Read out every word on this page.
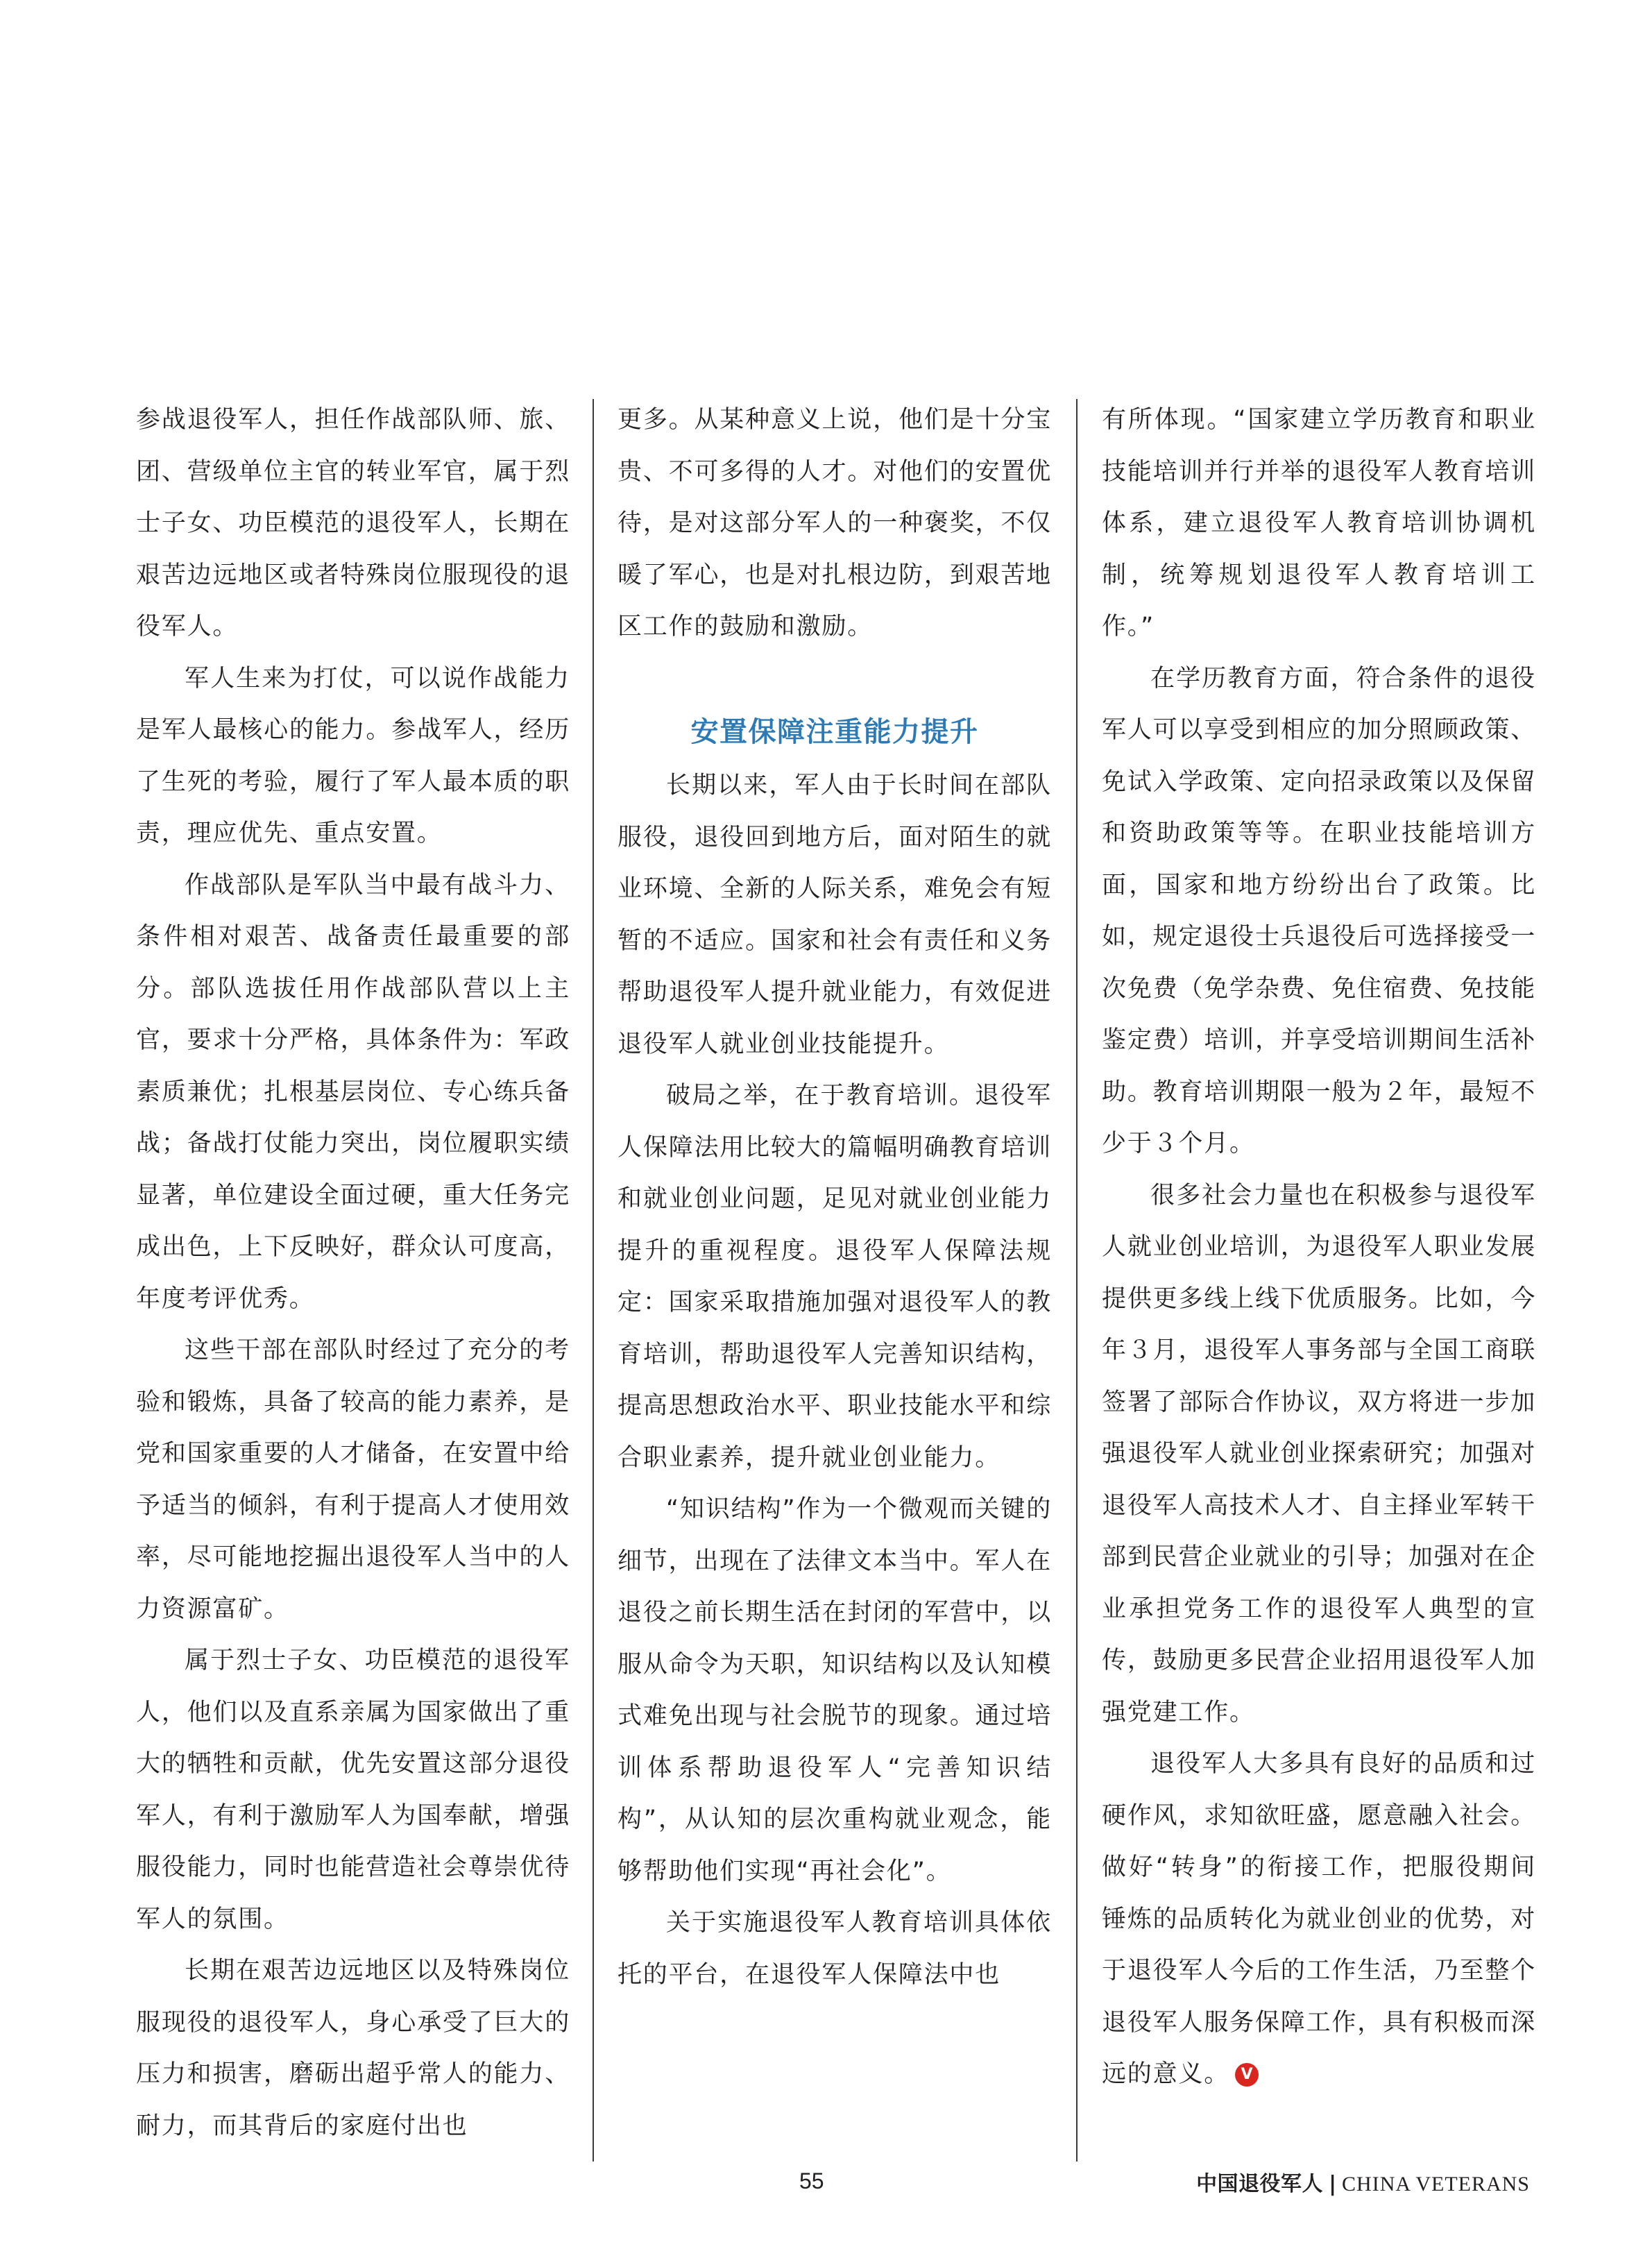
参战退役军人，担任作战部队师、旅、团、营级单位主官的转业军官，属于烈士子女、功臣模范的退役军人，长期在艰苦边远地区或者特殊岗位服现役的退役军人。

军人生来为打仗，可以说作战能力是军人最核心的能力。参战军人，经历了生死的考验，履行了军人最本质的职责，理应优先、重点安置。

作战部队是军队当中最有战斗力、条件相对艰苦、战备责任最重要的部分。部队选拔任用作战部队营以上主官，要求十分严格，具体条件为：军政素质兼优；扎根基层岗位、专心练兵备战；备战打仗能力突出，岗位履职实绩显著，单位建设全面过硬，重大任务完成出色，上下反映好，群众认可度高，年度考评优秀。

这些干部在部队时经过了充分的考验和锻炼，具备了较高的能力素养，是党和国家重要的人才储备，在安置中给予适当的倾斜，有利于提高人才使用效率，尽可能地挖掘出退役军人当中的人力资源富矿。

属于烈士子女、功臣模范的退役军人，他们以及直系亲属为国家做出了重大的牺牲和贡献，优先安置这部分退役军人，有利于激励军人为国奉献，增强服役能力，同时也能营造社会尊崇优待军人的氛围。

长期在艰苦边远地区以及特殊岗位服现役的退役军人，身心承受了巨大的压力和损害，磨砺出超乎常人的能力、耐力，而其背后的家庭付出也

更多。从某种意义上说，他们是十分宝贵、不可多得的人才。对他们的安置优待，是对这部分军人的一种褒奖，不仅暖了军心，也是对扎根边防，到艰苦地区工作的鼓励和激励。

安置保障注重能力提升

长期以来，军人由于长时间在部队服役，退役回到地方后，面对陌生的就业环境、全新的人际关系，难免会有短暂的不适应。国家和社会有责任和义务帮助退役军人提升就业能力，有效促进退役军人就业创业技能提升。

破局之举，在于教育培训。退役军人保障法用比较大的篇幅明确教育培训和就业创业问题，足见对就业创业能力提升的重视程度。退役军人保障法规定：国家采取措施加强对退役军人的教育培训，帮助退役军人完善知识结构，提高思想政治水平、职业技能水平和综合职业素养，提升就业创业能力。

“知识结构”作为一个微观而关键的细节，出现在了法律文本当中。军人在退役之前长期生活在封闭的军营中，以服从命令为天职，知识结构以及认知模式难免出现与社会脱节的现象。通过培训体系帮助退役军人“完善知识结构”，从认知的层次重构就业观念，能够帮助他们实现“再社会化”。

关于实施退役军人教育培训具体依托的平台，在退役军人保障法中也

有所体现。“国家建立学历教育和职业技能培训并行并举的退役军人教育培训体系，建立退役军人教育培训协调机制，统筹规划退役军人教育培训工作。”

在学历教育方面，符合条件的退役军人可以享受到相应的加分照顾政策、免试入学政策、定向招录政策以及保留和资助政策等等。在职业技能培训方面，国家和地方纷纷出台了政策。比如，规定退役士兵退役后可选择接受一次免费（免学杂费、免住宿费、免技能鉴定费）培训，并享受培训期间生活补助。教育培训期限一般为２年，最短不少于３个月。

很多社会力量也在积极参与退役军人就业创业培训，为退役军人职业发展提供更多线上线下优质服务。比如，今年３月，退役军人事务部与全国工商联签署了部际合作协议，双方将进一步加强退役军人就业创业探索研究；加强对退役军人高技术人才、自主择业军转干部到民营企业就业的引导；加强对在企业承担党务工作的退役军人典型的宣传，鼓励更多民营企业招用退役军人加强党建工作。

退役军人大多具有良好的品质和过硬作风，求知欲旺盛，愿意融入社会。做好“转身”的衔接工作，把服役期间锤炼的品质转化为就业创业的优势，对于退役军人今后的工作生活，乃至整个退役军人服务保障工作，具有积极而深远的意义。 V

55	中国退役军人 | CHINA VETERANS
